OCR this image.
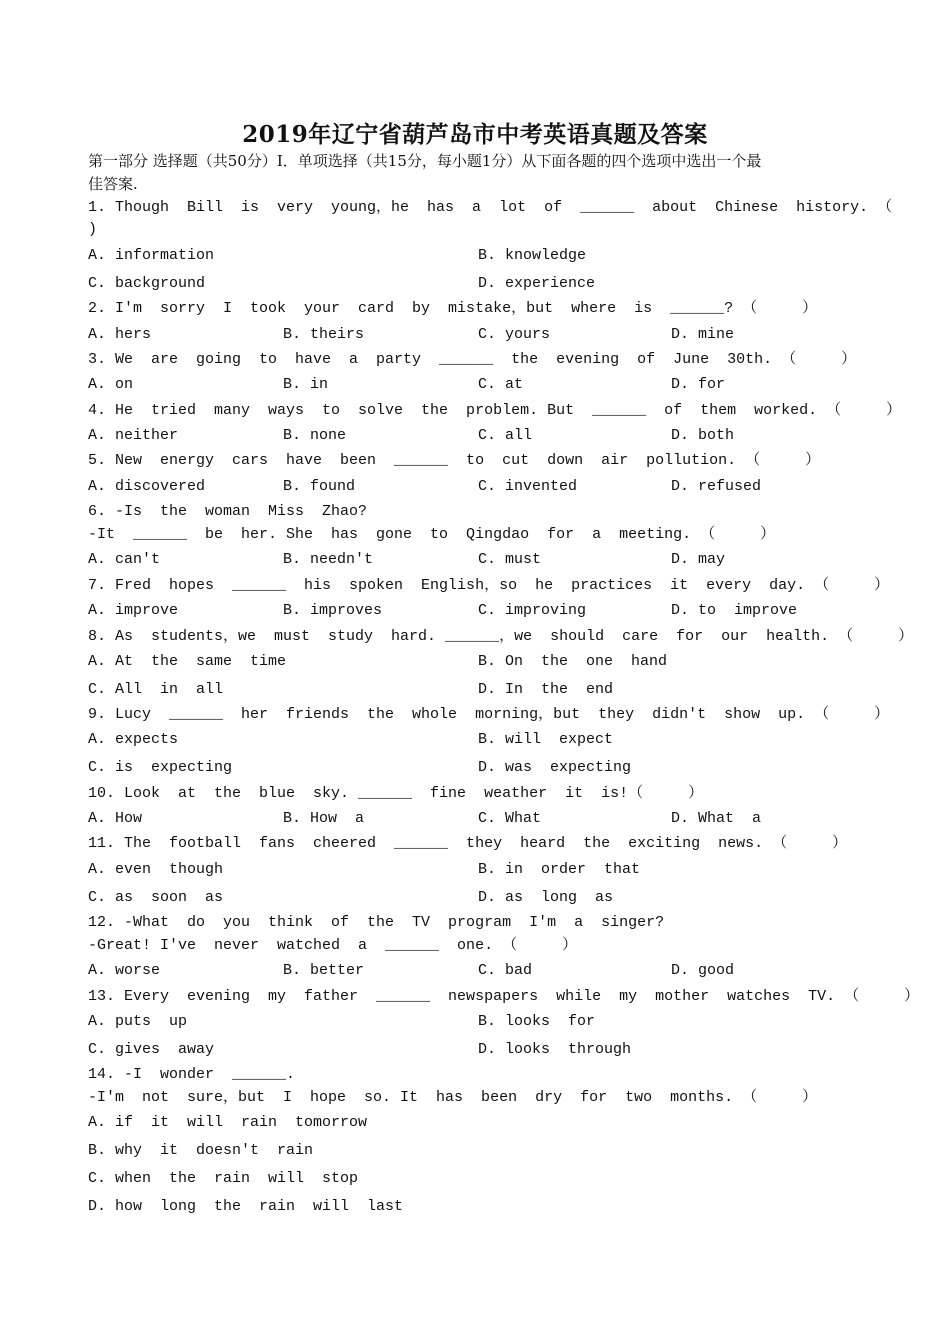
2019年辽宁省葫芦岛市中考英语真题及答案
第一部分 选择题（共50分）Ⅰ．单项选择（共15分，每小题1分）从下面各题的四个选项中选出一个最
佳答案.
1. Though  Bill  is  very  young，he  has  a  lot  of  ______  about  Chinese  history. （
)
A. information	B. knowledge
C. background	D. experience
2. I'm  sorry  I  took  your  card  by  mistake，but  where  is  ______? （     ）
A. hers	B. theirs	C. yours	D. mine
3. We  are  going  to  have  a  party  ______  the  evening  of  June  30th. （     ）
A. on	B. in	C. at	D. for
4. He  tried  many  ways  to  solve  the  problem. But  ______  of  them  worked. （     ）
A. neither	B. none	C. all	D. both
5. New  energy  cars  have  been  ______  to  cut  down  air  pollution. （     ）
A. discovered	B. found	C. invented	D. refused
6. -Is  the  woman  Miss  Zhao?
-It  ______  be  her. She  has  gone  to  Qingdao  for  a  meeting. （     ）
A. can't	B. needn't	C. must	D. may
7. Fred  hopes  ______  his  spoken  English，so  he  practices  it  every  day. （     ）
A. improve	B. improves	C. improving	D. to  improve
8. As  students，we  must  study  hard. ______，we  should  care  for  our  health. （     ）
A. At  the  same  time	B. On  the  one  hand
C. All  in  all	D. In  the  end
9. Lucy  ______  her  friends  the  whole  morning，but  they  didn't  show  up. （     ）
A. expects	B. will  expect
C. is  expecting	D. was  expecting
10. Look  at  the  blue  sky. ______  fine  weather  it  is!（     ）
A. How	B. How  a	C. What	D. What  a
11. The  football  fans  cheered  ______  they  heard  the  exciting  news. （     ）
A. even  though	B. in  order  that
C. as  soon  as	D. as  long  as
12. -What  do  you  think  of  the  TV  program  I'm  a  singer?
-Great! I've  never  watched  a  ______  one. （     ）
A. worse	B. better	C. bad	D. good
13. Every  evening  my  father  ______  newspapers  while  my  mother  watches  TV. （     ）
A. puts  up	B. looks  for
C. gives  away	D. looks  through
14. -I  wonder  ______.
-I'm  not  sure，but  I  hope  so. It  has  been  dry  for  two  months. （     ）
A. if  it  will  rain  tomorrow
B. why  it  doesn't  rain
C. when  the  rain  will  stop
D. how  long  the  rain  will  last
